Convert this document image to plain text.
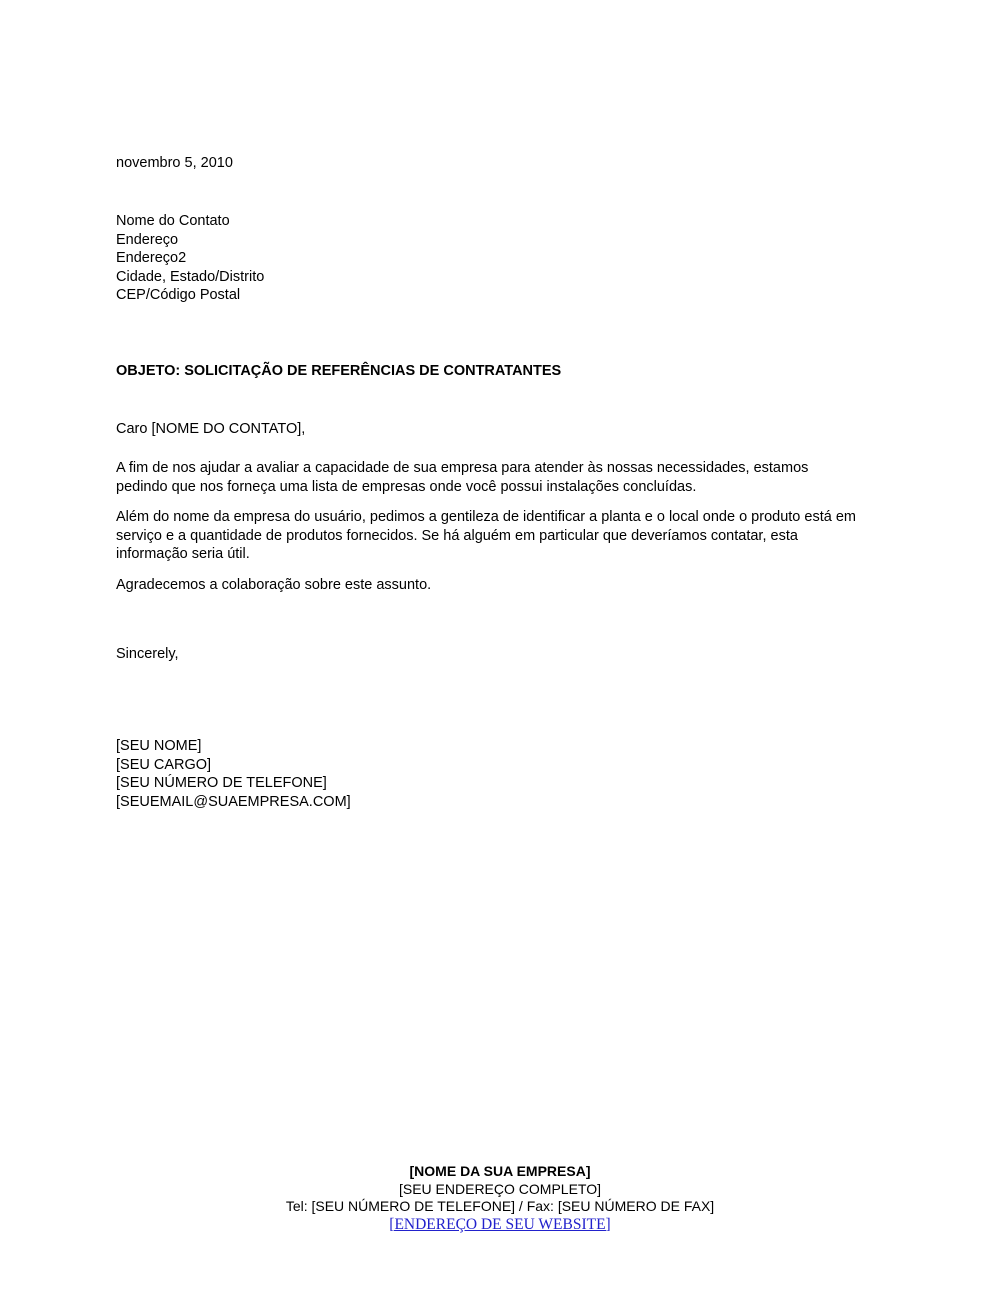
novembro 5, 2010
Nome do Contato
Endereço
Endereço2
Cidade, Estado/Distrito
CEP/Código Postal
OBJETO: SOLICITAÇÃO DE REFERÊNCIAS DE CONTRATANTES
Caro [NOME DO CONTATO],

A fim de nos ajudar a avaliar a capacidade de sua empresa para atender às nossas necessidades, estamos pedindo que nos forneça uma lista de empresas onde você possui instalações concluídas.

Além do nome da empresa do usuário, pedimos a gentileza de identificar a planta e o local onde o produto está em serviço e a quantidade de produtos fornecidos. Se há alguém em particular que deveríamos contatar, esta informação seria útil.

Agradecemos a colaboração sobre este assunto.

Sincerely,
[SEU NOME]
[SEU CARGO]
[SEU NÚMERO DE TELEFONE]
[SEUEMAIL@SUAEMPRESA.COM]
[NOME DA SUA EMPRESA]
[SEU ENDEREÇO COMPLETO]
Tel: [SEU NÚMERO DE TELEFONE] / Fax: [SEU NÚMERO DE FAX]
[ENDEREÇO DE SEU WEBSITE]
